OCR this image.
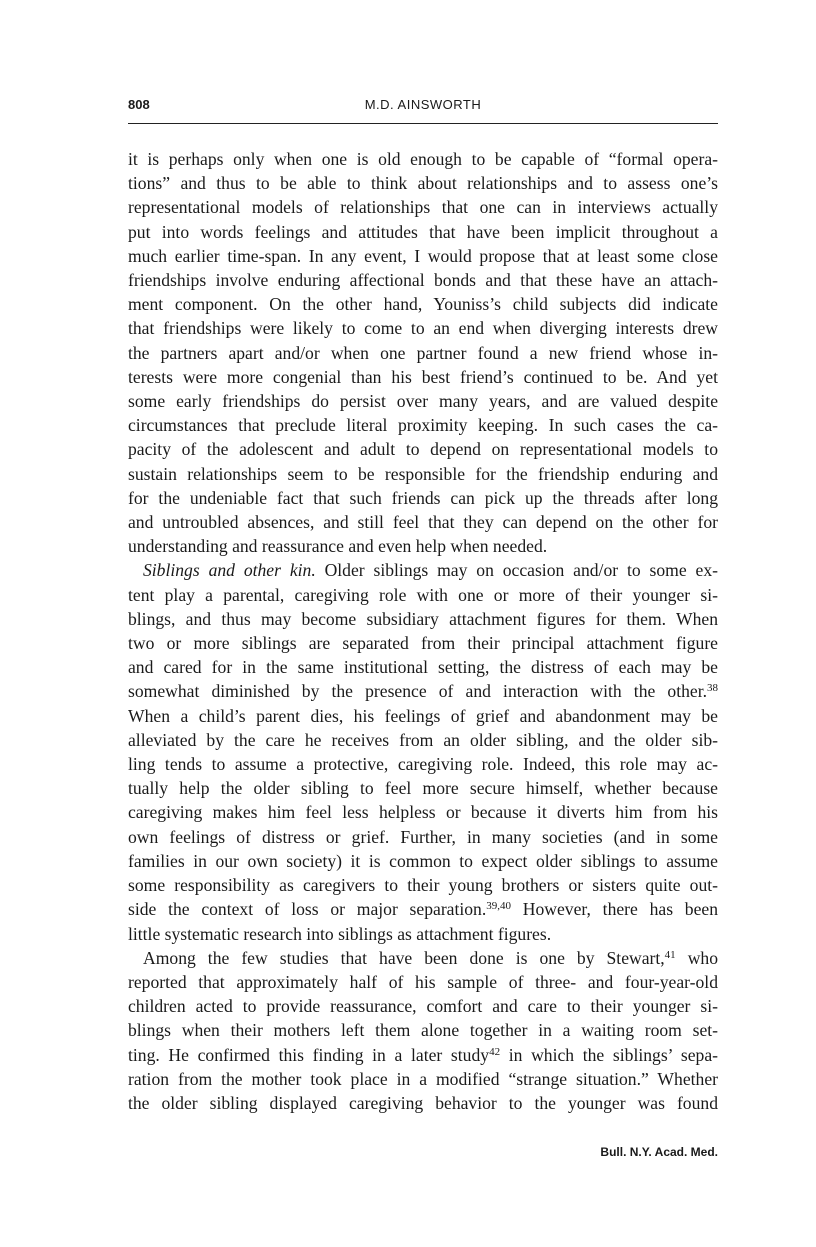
808	M.D. AINSWORTH

it is perhaps only when one is old enough to be capable of “formal opera-
tions” and thus to be able to think about relationships and to assess one’s
representational models of relationships that one can in interviews actually
put into words feelings and attitudes that have been implicit throughout a
much earlier time-span. In any event, I would propose that at least some close
friendships involve enduring affectional bonds and that these have an attach-
ment component. On the other hand, Youniss’s child subjects did indicate
that friendships were likely to come to an end when diverging interests drew
the partners apart and/or when one partner found a new friend whose in-
terests were more congenial than his best friend’s continued to be. And yet
some early friendships do persist over many years, and are valued despite
circumstances that preclude literal proximity keeping. In such cases the ca-
pacity of the adolescent and adult to depend on representational models to
sustain relationships seem to be responsible for the friendship enduring and
for the undeniable fact that such friends can pick up the threads after long
and untroubled absences, and still feel that they can depend on the other for
understanding and reassurance and even help when needed.

Siblings and other kin. Older siblings may on occasion and/or to some ex-
tent play a parental, caregiving role with one or more of their younger si-
blings, and thus may become subsidiary attachment figures for them. When
two or more siblings are separated from their principal attachment figure
and cared for in the same institutional setting, the distress of each may be
somewhat diminished by the presence of and interaction with the other.$^{38}$
When a child’s parent dies, his feelings of grief and abandonment may be
alleviated by the care he receives from an older sibling, and the older sib-
ling tends to assume a protective, caregiving role. Indeed, this role may ac-
tually help the older sibling to feel more secure himself, whether because
caregiving makes him feel less helpless or because it diverts him from his
own feelings of distress or grief. Further, in many societies (and in some
families in our own society) it is common to expect older siblings to assume
some responsibility as caregivers to their young brothers or sisters quite out-
side the context of loss or major separation.$^{39,40}$ However, there has been
little systematic research into siblings as attachment figures.

Among the few studies that have been done is one by Stewart,$^{41}$ who
reported that approximately half of his sample of three- and four-year-old
children acted to provide reassurance, comfort and care to their younger si-
blings when their mothers left them alone together in a waiting room set-
ting. He confirmed this finding in a later study$^{42}$ in which the siblings’ sepa-
ration from the mother took place in a modified “strange situation.” Whether
the older sibling displayed caregiving behavior to the younger was found

Bull. N.Y. Acad. Med.
